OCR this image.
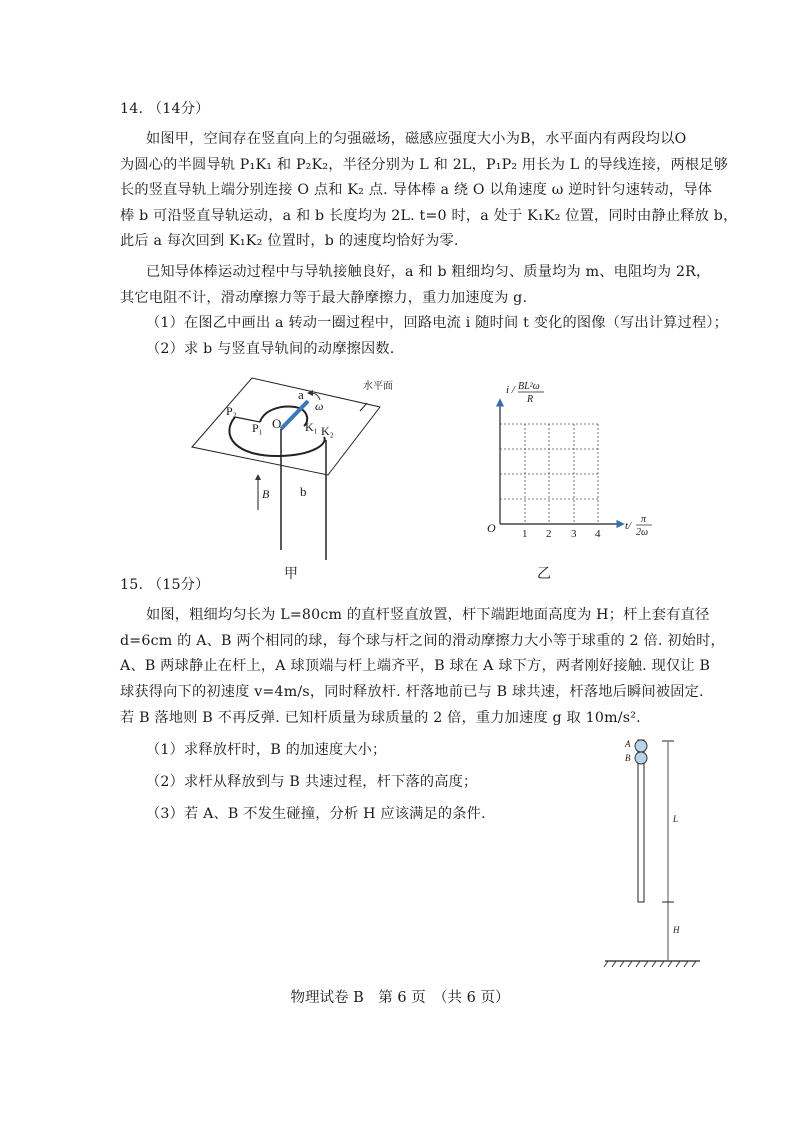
14. （14分）
如图甲，空间存在竖直向上的匀强磁场，磁感应强度大小为B，水平面内有两段均以O
为圆心的半圆导轨 P₁K₁ 和 P₂K₂，半径分别为 L 和 2L，P₁P₂ 用长为 L 的导线连接，两根足够
长的竖直导轨上端分别连接 O 点和 K₂ 点. 导体棒 a 绕 O 以角速度 ω 逆时针匀速转动，导体
棒 b 可沿竖直导轨运动，a 和 b 长度均为 2L. t=0 时，a 处于 K₁K₂ 位置，同时由静止释放 b，
此后 a 每次回到 K₁K₂ 位置时，b 的速度均恰好为零.
已知导体棒运动过程中与导轨接触良好，a 和 b 粗细均匀、质量均为 m、电阻均为 2R，
其它电阻不计，滑动摩擦力等于最大静摩擦力，重力加速度为 g.
（1）在图乙中画出 a 转动一圈过程中，回路电流 i 随时间 t 变化的图像（写出计算过程）；
（2）求 b 与竖直导轨间的动摩擦因数.
水平面
a
ω
O
P₂
P₁	K₁ K₂
B b
甲
i / BL²ω
R
O 1 2 3 4
t/
π
2ω
乙
15. （15分）
如图，粗细均匀长为 L=80cm 的直杆竖直放置，杆下端距地面高度为 H；杆上套有直径
d=6cm 的 A、B 两个相同的球，每个球与杆之间的滑动摩擦力大小等于球重的 2 倍. 初始时，
A、B 两球静止在杆上，A 球顶端与杆上端齐平，B 球在 A 球下方，两者刚好接触. 现仅让 B
球获得向下的初速度 v=4m/s，同时释放杆. 杆落地前已与 B 球共速，杆落地后瞬间被固定.
若 B 落地则 B 不再反弹. 已知杆质量为球质量的 2 倍，重力加速度 g 取 10m/s².
（1）求释放杆时，B 的加速度大小；
（2）求杆从释放到与 B 共速过程，杆下落的高度；
（3）若 A、B 不发生碰撞，分析 H 应该满足的条件.
A
B
L
H
物理试卷 B　第 6 页　（共 6 页）
